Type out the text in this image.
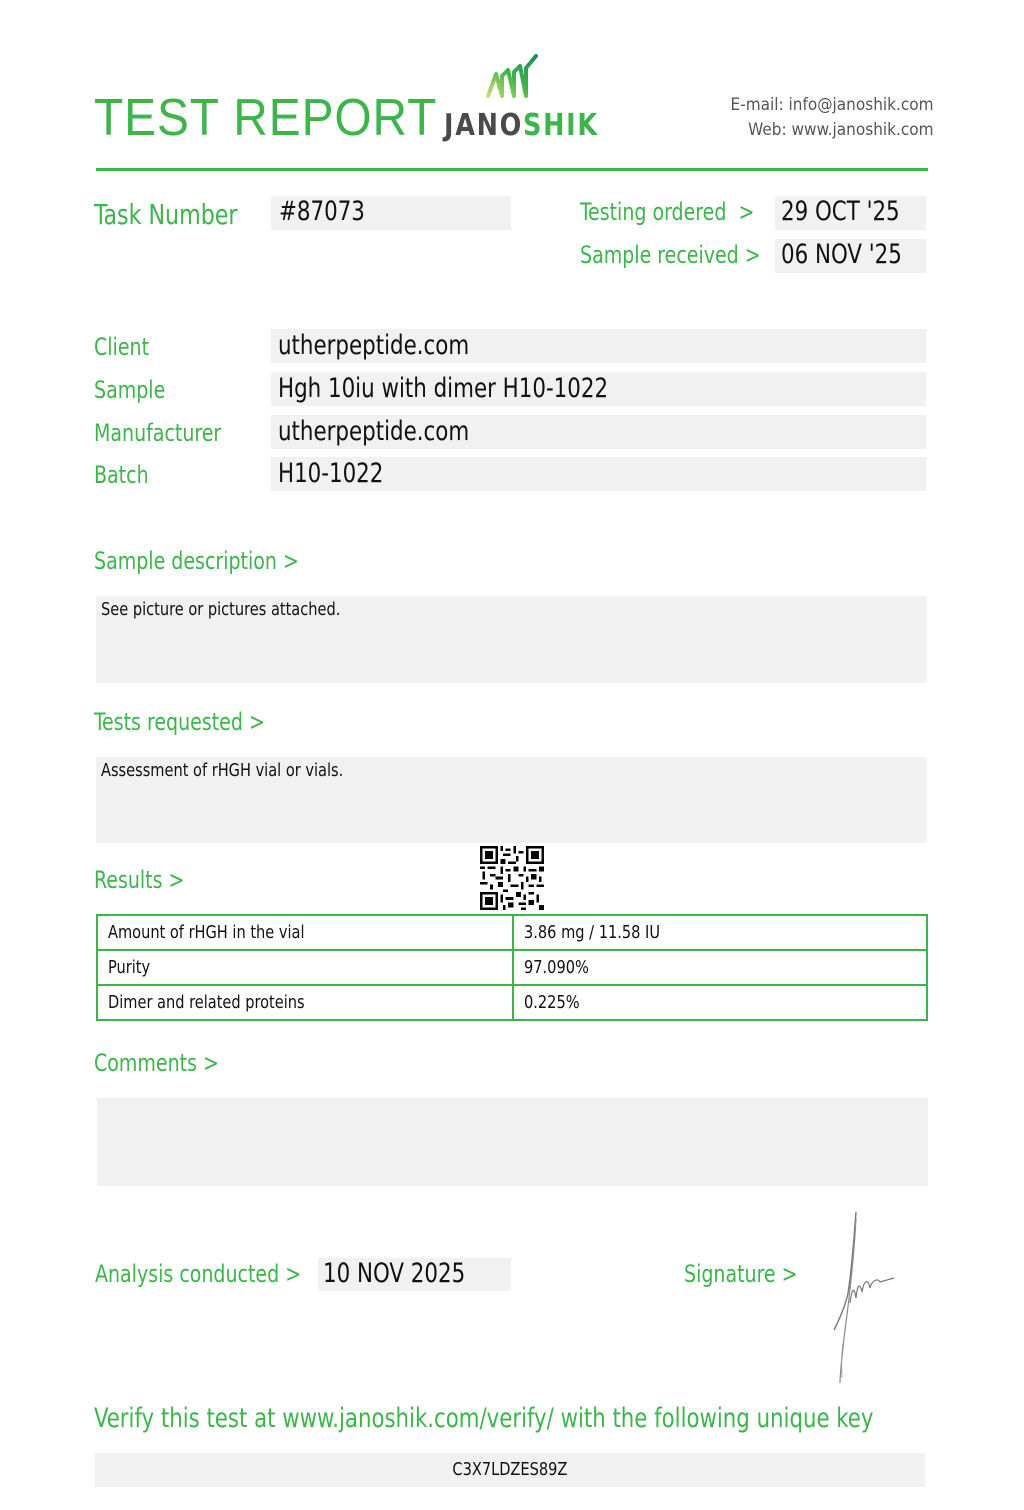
TEST REPORT JANOSHIK
E-mail: info@janoshik.com
Web: www.janoshik.com
Task Number #87073	Testing ordered  > 29 OCT '25
Sample received > 06 NOV '25
Client	utherpeptide.com
Sample	Hgh 10iu with dimer H10-1022
Manufacturer utherpeptide.com
Batch	H10-1022
Sample description >
See picture or pictures attached.
Tests requested >
Assessment of rHGH vial or vials.
Results >
Amount of rHGH in the vial	3.86 mg / 11.58 IU
Purity	97.090%
Dimer and related proteins	0.225%
Comments >
Analysis conducted > 10 NOV 2025	Signature >
Verify this test at www.janoshik.com/verify/ with the following unique key
C3X7LDZES89Z
